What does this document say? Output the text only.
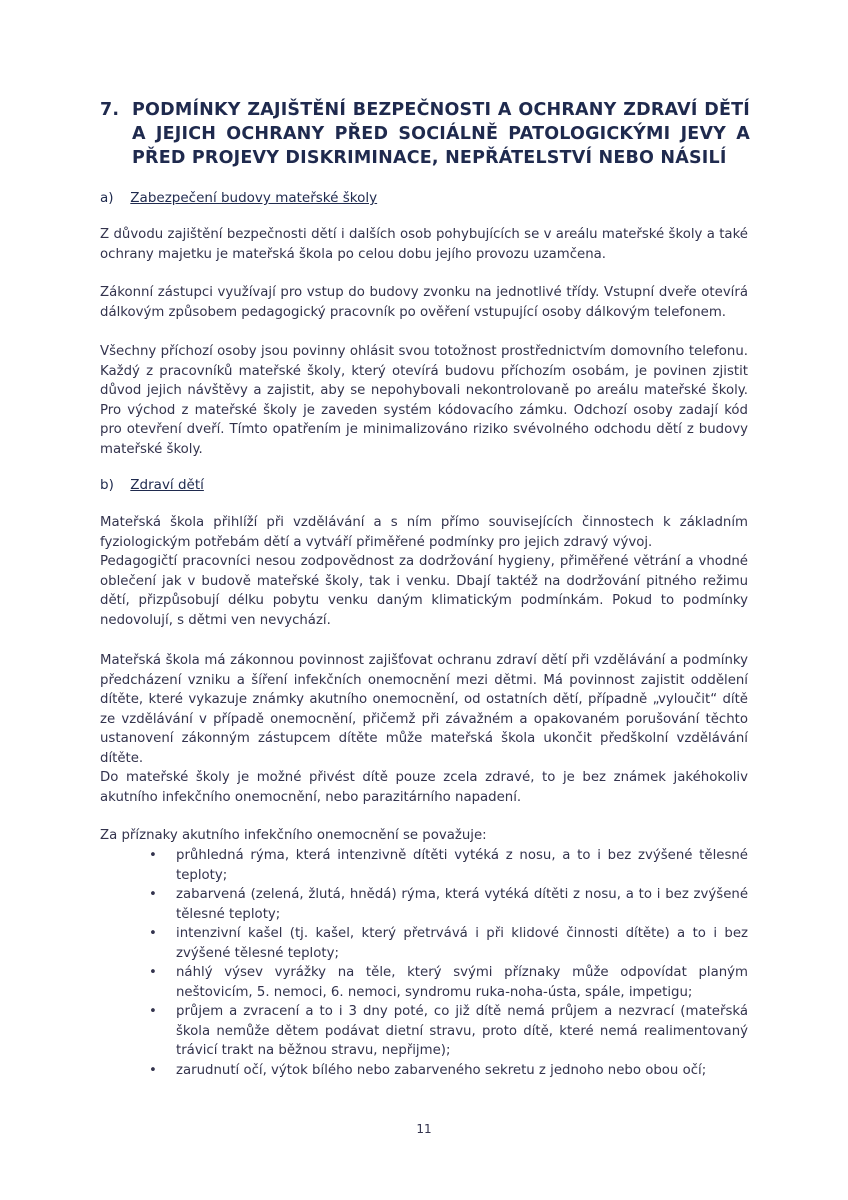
7. PODMÍNKY ZAJIŠTĚNÍ BEZPEČNOSTI A OCHRANY ZDRAVÍ DĚTÍ A JEJICH OCHRANY PŘED SOCIÁLNĚ PATOLOGICKÝMI JEVY A PŘED PROJEVY DISKRIMINACE, NEPŘÁTELSTVÍ NEBO NÁSILÍ
a) Zabezpečení budovy mateřské školy
Z důvodu zajištění bezpečnosti dětí i dalších osob pohybujících se v areálu mateřské školy a také ochrany majetku je mateřská škola po celou dobu jejího provozu uzamčena.
Zákonní zástupci využívají pro vstup do budovy zvonku na jednotlivé třídy. Vstupní dveře otevírá dálkovým způsobem pedagogický pracovník po ověření vstupující osoby dálkovým telefonem.
Všechny příchozí osoby jsou povinny ohlásit svou totožnost prostřednictvím domovního telefonu. Každý z pracovníků mateřské školy, který otevírá budovu příchozím osobám, je povinen zjistit důvod jejich návštěvy a zajistit, aby se nepohybovali nekontrolovaně po areálu mateřské školy. Pro východ z mateřské školy je zaveden systém kódovacího zámku. Odchozí osoby zadají kód pro otevření dveří. Tímto opatřením je minimalizováno riziko svévolného odchodu dětí z budovy mateřské školy.
b) Zdraví dětí
Mateřská škola přihlíží při vzdělávání a s ním přímo souvisejících činnostech k základním fyziologickým potřebám dětí a vytváří přiměřené podmínky pro jejich zdravý vývoj.
Pedagogičtí pracovníci nesou zodpovědnost za dodržování hygieny, přiměřené větrání a vhodné oblečení jak v budově mateřské školy, tak i venku. Dbají taktéž na dodržování pitného režimu dětí, přizpůsobují délku pobytu venku daným klimatickým podmínkám. Pokud to podmínky nedovolují, s dětmi ven nevychází.
Mateřská škola má zákonnou povinnost zajišťovat ochranu zdraví dětí při vzdělávání a podmínky předcházení vzniku a šíření infekčních onemocnění mezi dětmi. Má povinnost zajistit oddělení dítěte, které vykazuje známky akutního onemocnění, od ostatních dětí, případně „vyloučit“ dítě ze vzdělávání v případě onemocnění, přičemž při závažném a opakovaném porušování těchto ustanovení zákonným zástupcem dítěte může mateřská škola ukončit předškolní vzdělávání dítěte.
Do mateřské školy je možné přivést dítě pouze zcela zdravé, to je bez známek jakéhokoliv akutního infekčního onemocnění, nebo parazitárního napadení.
Za příznaky akutního infekčního onemocnění se považuje:
• průhledná rýma, která intenzivně dítěti vytéká z nosu, a to i bez zvýšené tělesné teploty;
• zabarvená (zelená, žlutá, hnědá) rýma, která vytéká dítěti z nosu, a to i bez zvýšené tělesné teploty;
• intenzivní kašel (tj. kašel, který přetrvává i při klidové činnosti dítěte) a to i bez zvýšené tělesné teploty;
• náhlý výsev vyrážky na těle, který svými příznaky může odpovídat planým neštovicím, 5. nemoci, 6. nemoci, syndromu ruka-noha-ústa, spále, impetigu;
• průjem a zvracení a to i 3 dny poté, co již dítě nemá průjem a nezvrací (mateřská škola nemůže dětem podávat dietní stravu, proto dítě, které nemá realimentovaný trávicí trakt na běžnou stravu, nepřijme);
• zarudnutí očí, výtok bílého nebo zabarveného sekretu z jednoho nebo obou očí;
11
